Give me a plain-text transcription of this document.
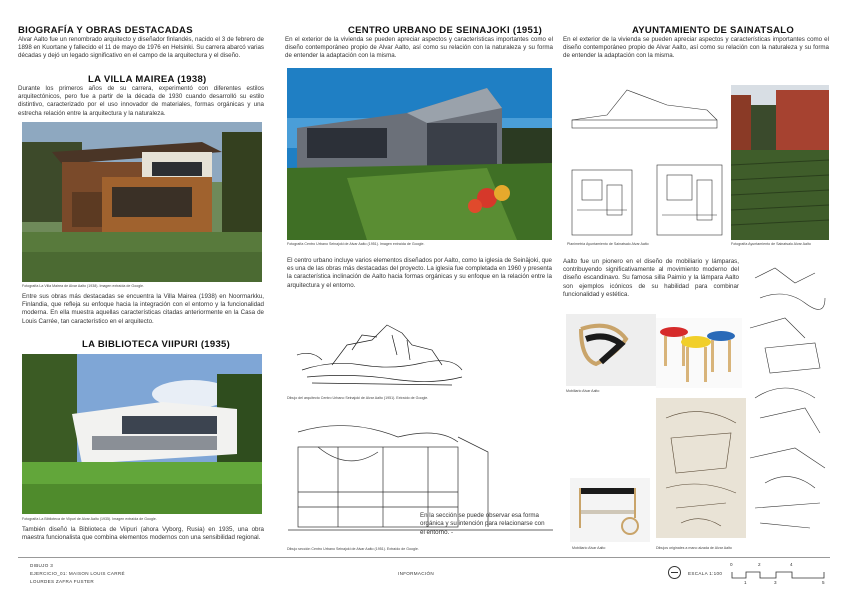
BIOGRAFÍA Y OBRAS DESTACADAS

Alvar Aalto fue un renombrado arquitecto y diseñador finlandés, nacido el 3 de febrero de 1898 en Kuortane y fallecido el 11 de mayo de 1976 en Helsinki. Su carrera abarcó varias décadas y dejó un legado significativo en el campo de la arquitectura y el diseño.

LA VILLA MAIREA (1938)

Durante los primeros años de su carrera, experimentó con diferentes estilos arquitectónicos, pero fue a partir de la década de 1930 cuando desarrolló su estilo distintivo, caracterizado por el uso innovador de materiales, formas orgánicas y una estrecha relación entre la arquitectura y la naturaleza.

Fotografía La Villa Mairea de Alvar Aalto (1938). Imagen extraída de Google.

Entre sus obras más destacadas se encuentra la Villa Mairea (1938) en Noormarkku, Finlandia, que refleja su enfoque hacia la integración con el entorno y la funcionalidad moderna. En ella muestra aquellas características citadas anteriormente en la Casa de Louis Carrée, tan característico en el arquitecto.

LA BIBLIOTECA VIIPURI (1935)

Fotografía La Biblioteca de Viipuri de Alvar Aalto (1935). Imagen extraída de Google.

También diseñó la Biblioteca de Viipuri (ahora Vyborg, Rusia) en 1935, una obra maestra funcionalista que combina elementos modernos con una sensibilidad regional.

CENTRO URBANO DE SEINAJOKI (1951)

En el exterior de la vivienda se pueden apreciar aspectos y características importantes como el diseño contemporáneo propio de Alvar Aalto, así como su relación con la naturaleza y su forma de entender la adaptación con la misma.

Fotografía Centro Urbano Seinajoki de Alvar Aalto (1951). Imagen extraída de Google.

El centro urbano incluye varios elementos diseñados por Aalto, como la iglesia de Seinäjoki, que es una de las obras más destacadas del proyecto. La iglesia fue completada en 1960 y presenta la característica inclinación de Aalto hacia formas orgánicas y su enfoque en la relación entre la arquitectura y el entorno.

Dibujo del arquitecto Centro Urbano Seinajoki de Alvar Aalto (1951). Extraído de Google.

En la sección se puede observar esa forma orgánica y su intención para relacionarse con el entorno. -

Dibujo sección Centro Urbano Seinajoki de Alvar Aalto (1951). Extraído de Google.

AYUNTAMIENTO DE SAINATSALO

En el exterior de la vivienda se pueden apreciar aspectos y características importantes como el diseño contemporáneo propio de Alvar Aalto, así como su relación con la naturaleza y su forma de entender la adaptación con la misma.

Planimetría Ayuntamiento de Sainatsalo Alvar Aalto	Fotografía Ayuntamiento de Sainatsalo Alvar Aalto

Aalto fue un pionero en el diseño de mobiliario y lámparas, contribuyendo significativamente al movimiento moderno del diseño escandinavo. Su famosa silla Paimio y la lámpara Aalto son ejemplos icónicos de su habilidad para combinar funcionalidad y estética.

Mobiliario Alvar Aalto

Mobiliario Alvar Aalto	Dibujos originales a mano alzada de Alvar Aalto

DIBUJO 3
EJERCICIO_01: MAISON LOUIS CARRÉ
LOURDES ZAFRA FUSTER
INFORMACIÓN	ESCALA 1:100
0	2	4
1	3	5
